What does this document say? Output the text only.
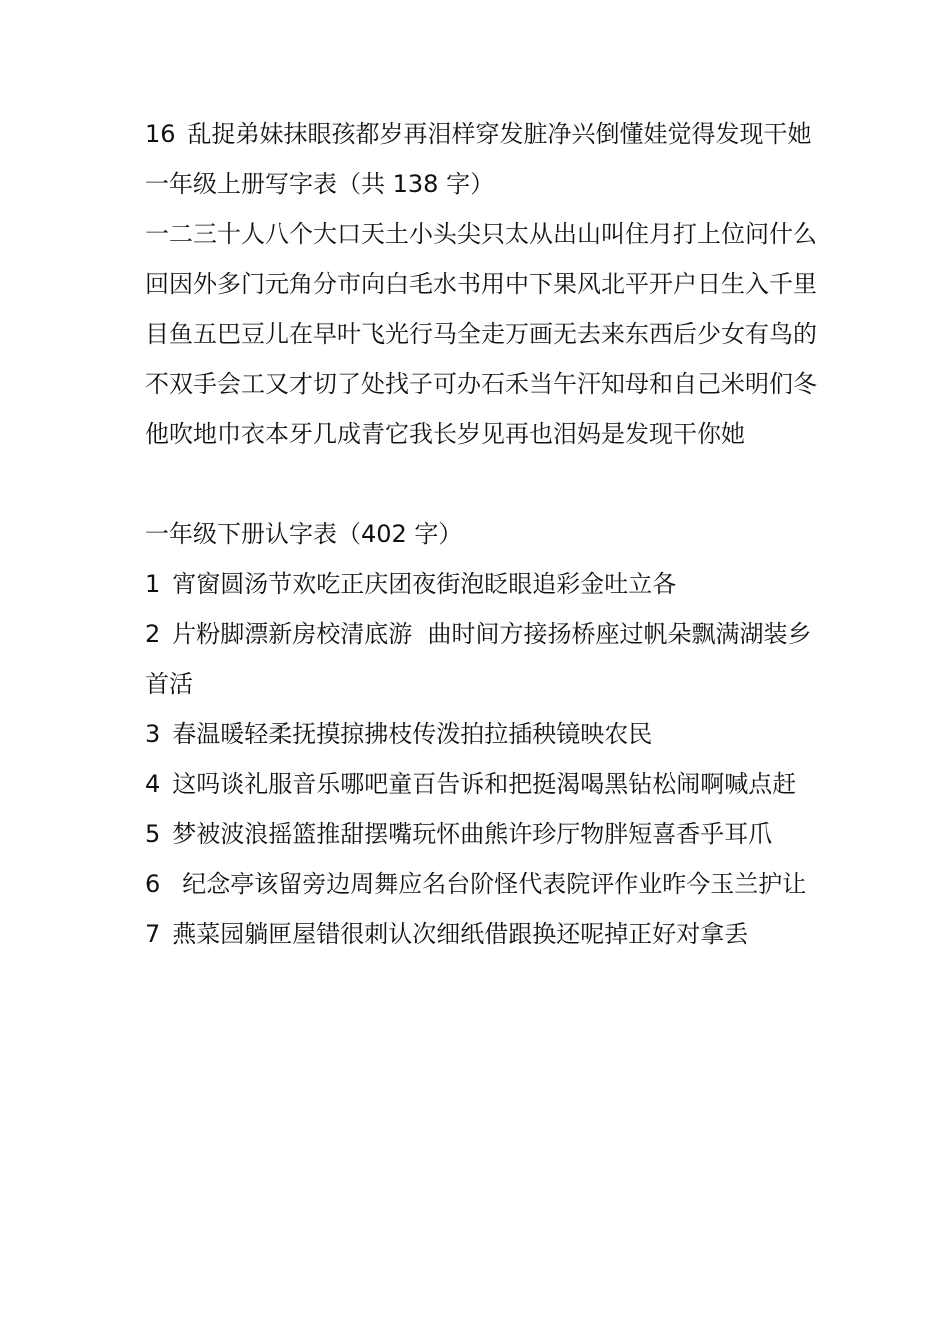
16 乱捉弟妹抹眼孩都岁再泪样穿发脏净兴倒懂娃觉得发现干她

一年级上册写字表（共 138 字）

一二三十人八个大口天土小头尖只太从出山叫住月打上位问什么回因外多门元角分市向白毛水书用中下果风北平开户日生入千里目鱼五巴豆儿在早叶飞光行马全走万画无去来东西后少女有鸟的不双手会工又才切了处找子可办石禾当午汗知母和自己米明们冬他吹地巾衣本牙几成青它我长岁见再也泪妈是发现干你她

一年级下册认字表（402 字）

1 宵窗圆汤节欢吃正庆团夜街泡眨眼追彩金吐立各

2 片粉脚漂新房校清底游  曲时间方接扬桥座过帆朵飘满湖装乡首活

3 春温暖轻柔抚摸掠拂枝传泼拍拉插秧镜映农民

4 这吗谈礼服音乐哪吧童百告诉和把挺渴喝黑钻松闹啊喊点赶

5 梦被波浪摇篮推甜摆嘴玩怀曲熊许珍厅物胖短喜香乎耳爪

6 纪念亭该留旁边周舞应名台阶怪代表院评作业昨今玉兰护让

7 燕菜园躺匣屋错很刺认次细纸借跟换还呢掉正好对拿丢
